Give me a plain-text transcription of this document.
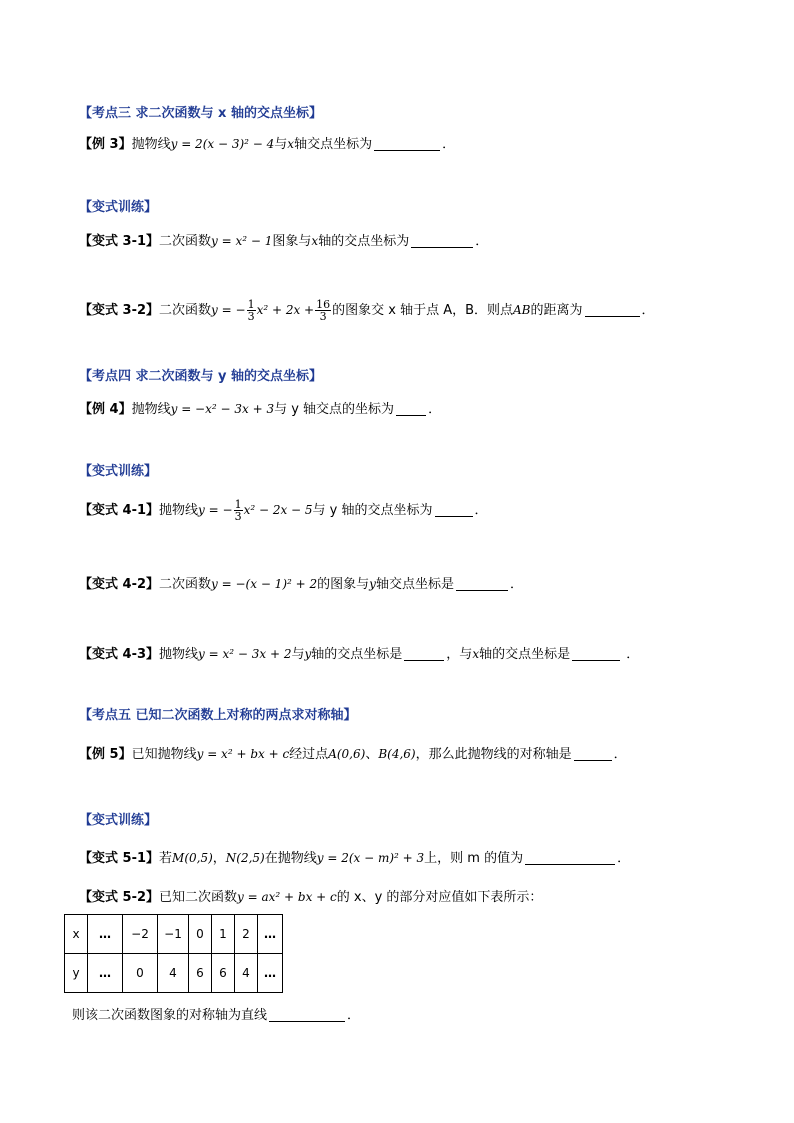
【考点三 求二次函数与 x 轴的交点坐标】
【例 3】抛物线y = 2(x − 3)² − 4与x轴交点坐标为	．
【变式训练】
【变式 3-1】二次函数y = x² − 1图象与x轴的交点坐标为	．
【变式 3-2】二次函数y = − $\frac{1}{3} x^2 + 2x + \frac{16}{3}$ 的图象交 x 轴于点 A，B．则点AB的距离为	．
【考点四 求二次函数与 y 轴的交点坐标】
【例 4】抛物线y = −x² − 3x + 3与 y 轴交点的坐标为	．
【变式训练】
【变式 4-1】抛物线y = − $\frac{1}{3} x^2 - 2x - 5$与 y 轴的交点坐标为	．
【变式 4-2】二次函数y = −(x − 1)² + 2的图象与y轴交点坐标是	．
【变式 4-3】抛物线y = x² − 3x + 2与y轴的交点坐标是	，与x轴的交点坐标是	．
【考点五 已知二次函数上对称的两点求对称轴】
【例 5】已知抛物线y = x² + bx + c经过点A(0,6)、B(4,6)，那么此抛物线的对称轴是	．
【变式训练】
【变式 5-1】若M(0,5)，N(2,5)在抛物线y = 2(x − m)² + 3上，则 m 的值为	．
【变式 5-2】已知二次函数y = ax² + bx + c的 x、y 的部分对应值如下表所示：
x	…	−2	−1	0	1	2	…
y	…	0	4	6	6	4	…
则该二次函数图象的对称轴为直线	．
